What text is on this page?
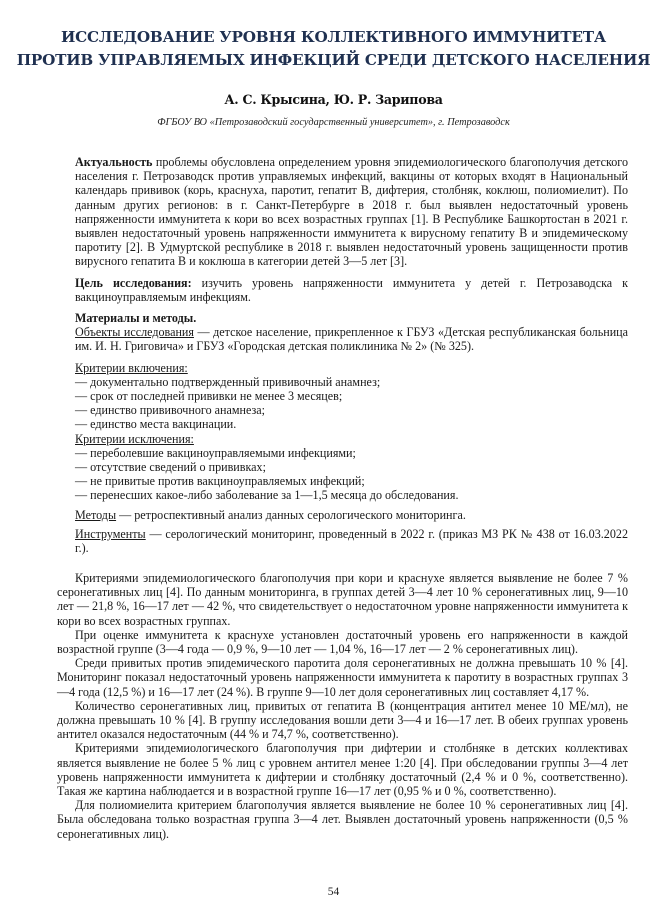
ИССЛЕДОВАНИЕ УРОВНЯ КОЛЛЕКТИВНОГО ИММУНИТЕТА
ПРОТИВ УПРАВЛЯЕМЫХ ИНФЕКЦИЙ СРЕДИ ДЕТСКОГО НАСЕЛЕНИЯ
А. С. Крысина, Ю. Р. Зарипова
ФГБОУ ВО «Петрозаводский государственный университет», г. Петрозаводск

Актуальность проблемы обусловлена определением уровня эпидемиологического благополучия детского населения г. Петрозаводск против управляемых инфекций, вакцины от которых входят в Национальный календарь прививок (корь, краснуха, паротит, гепатит В, дифтерия, столбняк, коклюш, полиомиелит). По данным других регионов: в г. Санкт-Петербурге в 2018 г. был выявлен недостаточный уровень напряженности иммунитета к кори во всех возрастных группах [1]. В Республике Башкортостан в 2021 г. выявлен недостаточный уровень напряженности иммунитета к вирусному гепатиту В и эпидемическому паротиту [2]. В Удмуртской республике в 2018 г. выявлен недостаточный уровень защищенности против вирусного гепатита В и коклюша в категории детей 3—5 лет [3].

Цель исследования: изучить уровень напряженности иммунитета у детей г. Петрозаводска к вакциноуправляемым инфекциям.

Материалы и методы.

Объекты исследования — детское население, прикрепленное к ГБУЗ «Детская республиканская больница им. И. Н. Григовича» и ГБУЗ «Городская детская поликлиника № 2» (№ 325).

Критерии включения:

— документально подтвержденный прививочный анамнез;

— срок от последней прививки не менее 3 месяцев;

— единство прививочного анамнеза;

— единство места вакцинации.

Критерии исключения:

— переболевшие вакциноуправляемыми инфекциями;

— отсутствие сведений о прививках;

— не привитые против вакциноуправляемых инфекций;

— перенесших какое-либо заболевание за 1—1,5 месяца до обследования.

Методы — ретроспективный анализ данных серологического мониторинга.

Инструменты — серологический мониторинг, проведенный в 2022 г. (приказ МЗ РК № 438 от 16.03.2022 г.).

Критериями эпидемиологического благополучия при кори и краснухе является выявление не более 7 % серонегативных лиц [4]. По данным мониторинга, в группах детей 3—4 лет 10 % серонегативных лиц, 9—10 лет — 21,8 %, 16—17 лет — 42 %, что свидетельствует о недостаточном уровне напряженности иммунитета к кори во всех возрастных группах.

При оценке иммунитета к краснухе установлен достаточный уровень его напряженности в каждой возрастной группе (3—4 года — 0,9 %, 9—10 лет — 1,04 %, 16—17 лет — 2 % серонегативных лиц).

Среди привитых против эпидемического паротита доля серонегативных не должна превышать 10 % [4]. Мониторинг показал недостаточный уровень напряженности иммунитета к паротиту в возрастных группах 3—4 года (12,5 %) и 16—17 лет (24 %). В группе 9—10 лет доля серонегативных лиц составляет 4,17 %.

Количество серонегативных лиц, привитых от гепатита В (концентрация антител менее 10 МЕ/мл), не должна превышать 10 % [4]. В группу исследования вошли дети 3—4 и 16—17 лет. В обеих группах уровень антител оказался недостаточным (44 % и 74,7 %, соответственно).

Критериями эпидемиологического благополучия при дифтерии и столбняке в детских коллективах является выявление не более 5 % лиц с уровнем антител менее 1:20 [4]. При обследовании группы 3—4 лет уровень напряженности иммунитета к дифтерии и столбняку достаточный (2,4 % и 0 %, соответственно). Такая же картина наблюдается и в возрастной группе 16—17 лет (0,95 % и 0 %, соответственно).

Для полиомиелита критерием благополучия является выявление не более 10 % серонегативных лиц [4]. Была обследована только возрастная группа 3—4 лет. Выявлен достаточный уровень напряженности (0,5 % серонегативных лиц).

54
